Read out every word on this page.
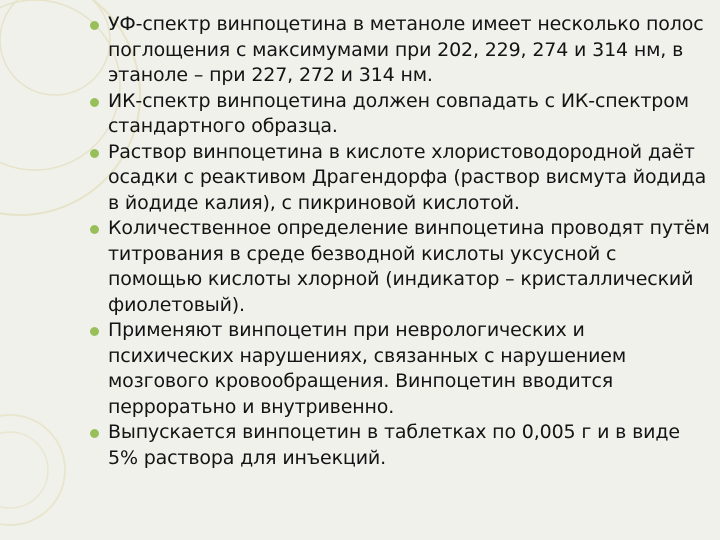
УФ-спектр винпоцетина в метаноле имеет несколько полос поглощения с максимумами при 202, 229, 274 и 314 нм, в этаноле – при 227, 272 и 314 нм.
ИК-спектр винпоцетина должен совпадать с ИК-спектром стандартного образца.
Раствор винпоцетина в кислоте хлористоводородной даёт осадки с реактивом Драгендорфа (раствор висмута йодида в йодиде калия), с пикриновой кислотой.
Количественное определение винпоцетина проводят путём титрования в среде безводной кислоты уксусной с помощью кислоты хлорной (индикатор – кристаллический фиолетовый).
Применяют винпоцетин при неврологических и психических нарушениях, связанных с нарушением мозгового кровообращения. Винпоцетин вводится перроратьно и внутривенно.
Выпускается винпоцетин в таблетках по 0,005 г и в виде 5% раствора для инъекций.
